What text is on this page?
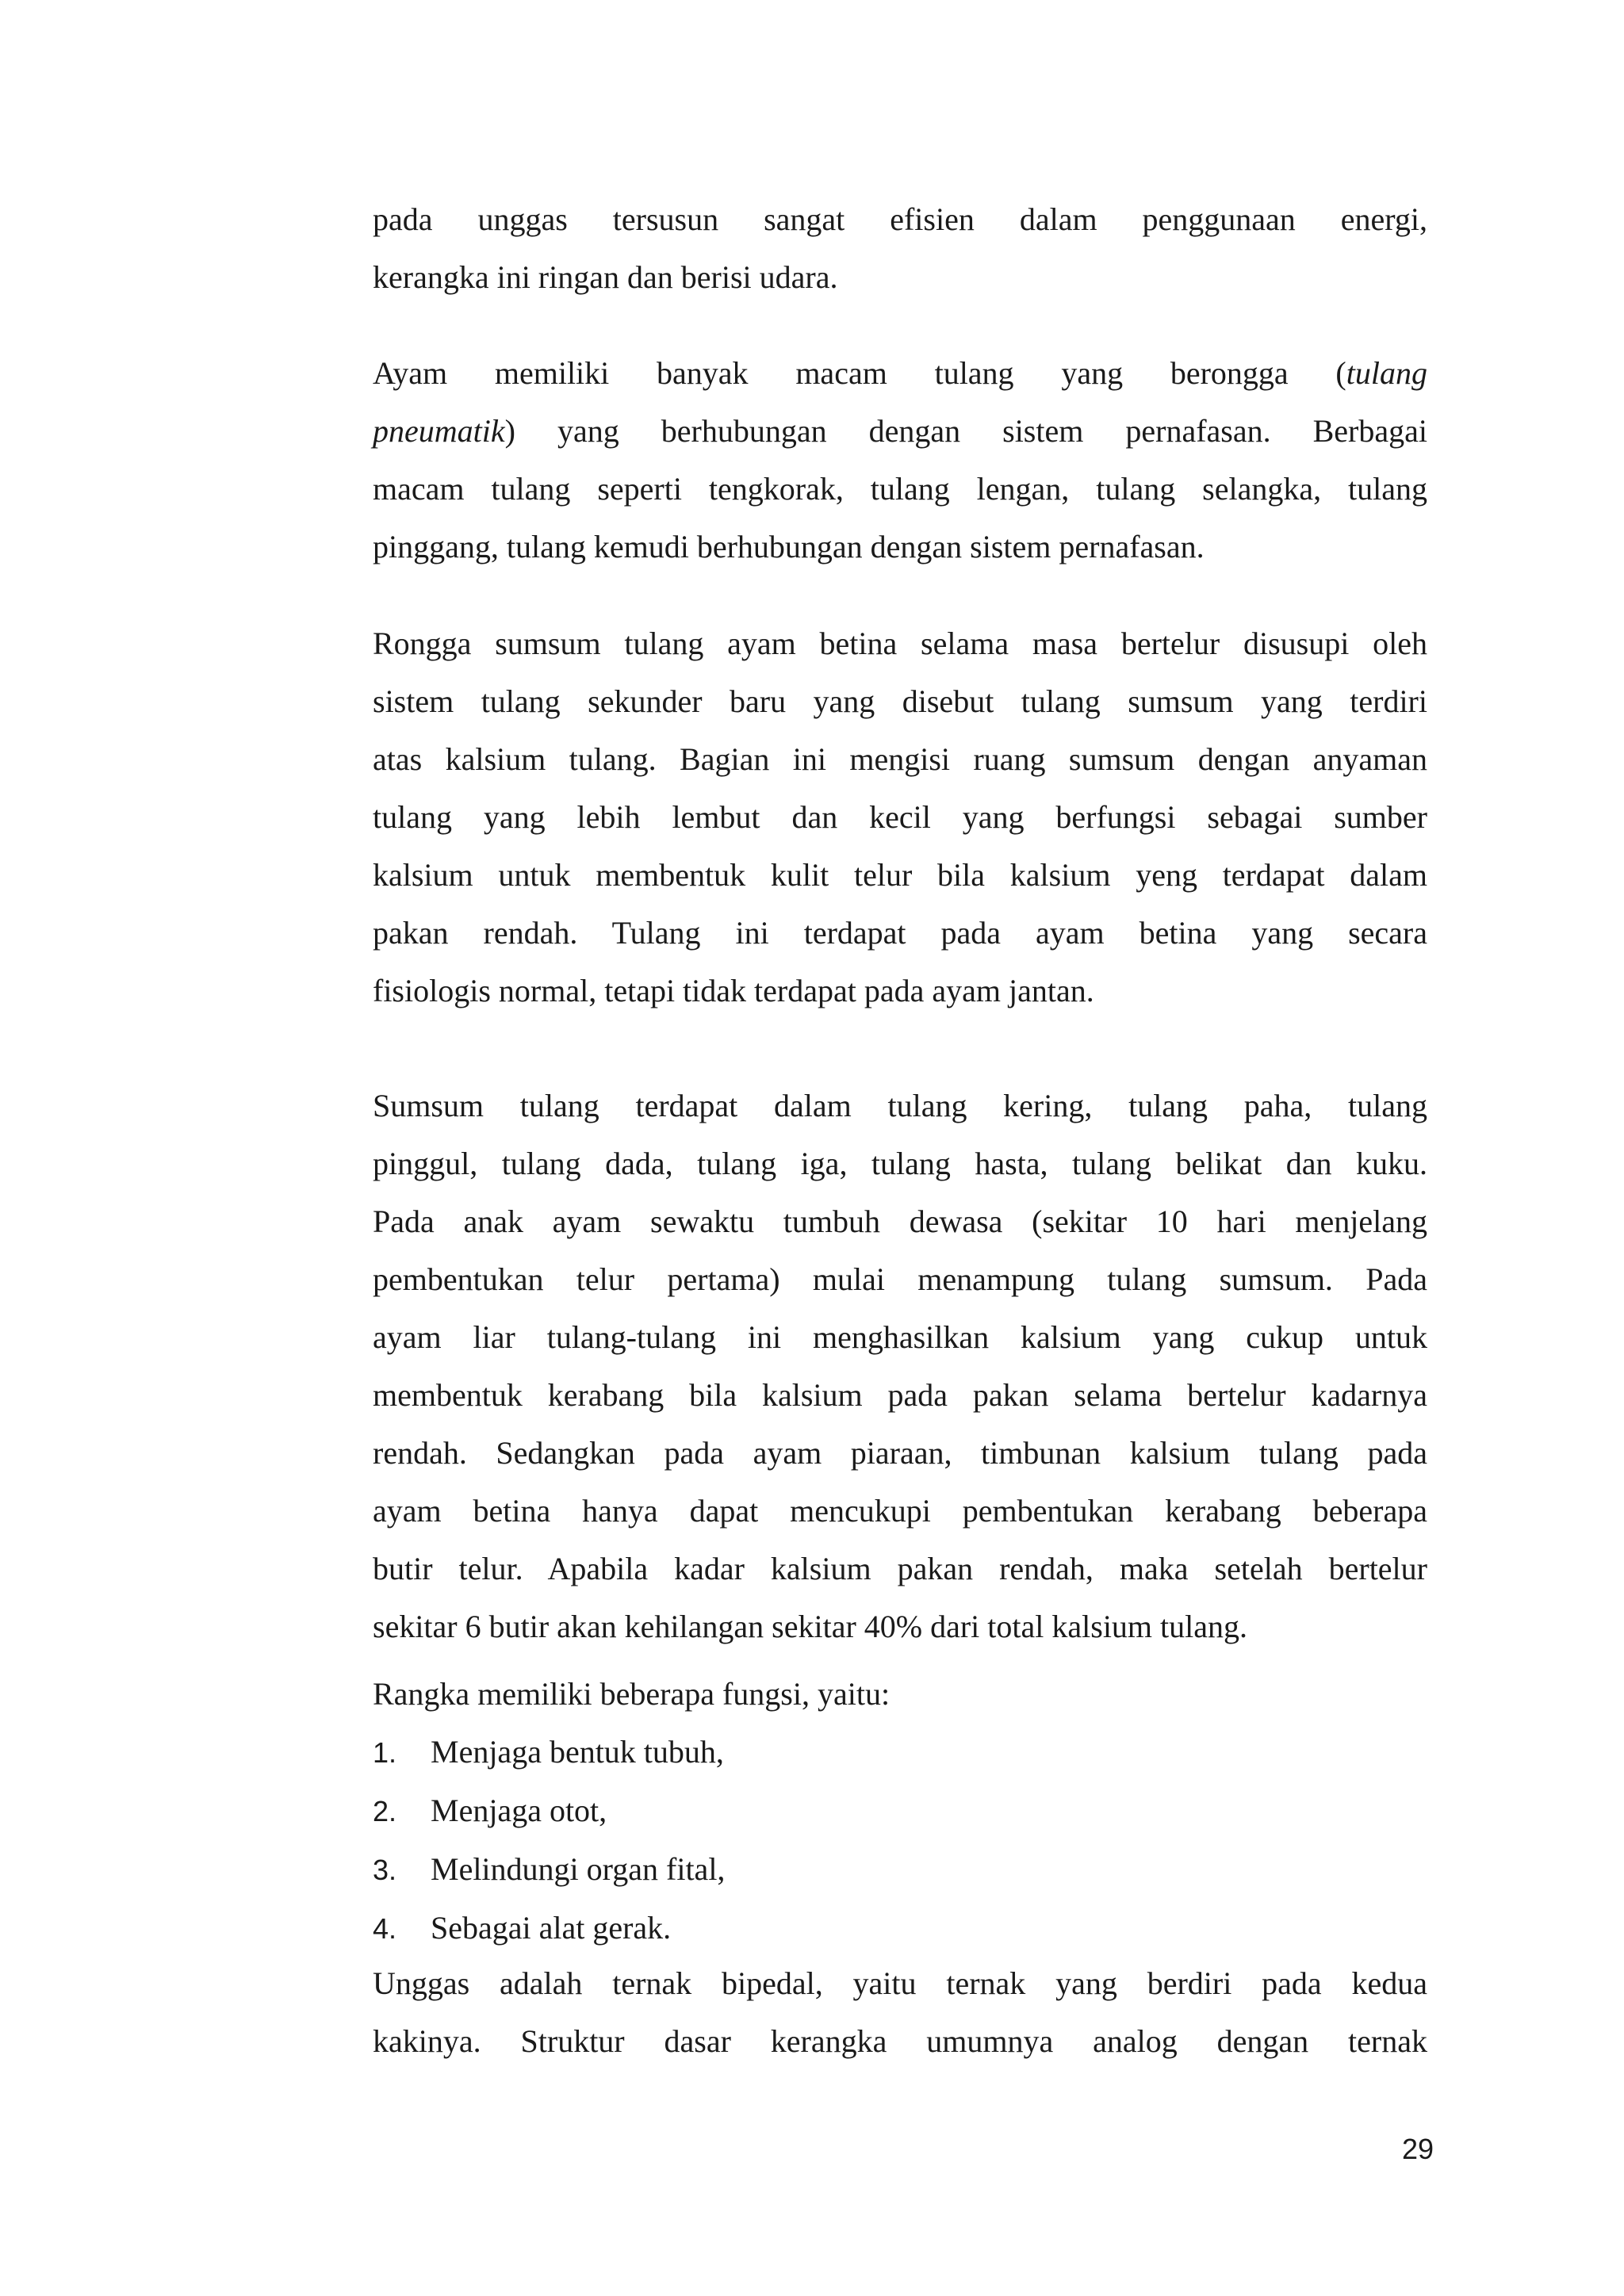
pada unggas tersusun sangat efisien dalam penggunaan energi,
kerangka ini ringan dan berisi udara.
Ayam memiliki banyak macam tulang yang berongga (tulang
pneumatik) yang berhubungan dengan sistem pernafasan. Berbagai
macam tulang seperti tengkorak, tulang lengan, tulang selangka, tulang
pinggang, tulang kemudi berhubungan dengan sistem pernafasan.
Rongga sumsum tulang ayam betina selama masa bertelur disusupi oleh
sistem tulang sekunder baru yang disebut tulang sumsum yang terdiri
atas kalsium tulang. Bagian ini mengisi ruang sumsum dengan anyaman
tulang yang lebih lembut dan kecil yang berfungsi sebagai sumber
kalsium untuk membentuk kulit telur bila kalsium yeng terdapat dalam
pakan rendah. Tulang ini terdapat pada ayam betina yang secara
fisiologis normal, tetapi tidak terdapat pada ayam jantan.
Sumsum tulang terdapat dalam tulang kering, tulang paha, tulang
pinggul, tulang dada, tulang iga, tulang hasta, tulang belikat dan kuku.
Pada anak ayam sewaktu tumbuh dewasa (sekitar 10 hari menjelang
pembentukan telur pertama) mulai menampung tulang sumsum. Pada
ayam liar tulang-tulang ini menghasilkan kalsium yang cukup untuk
membentuk kerabang bila kalsium pada pakan selama bertelur kadarnya
rendah. Sedangkan pada ayam piaraan, timbunan kalsium tulang pada
ayam betina hanya dapat mencukupi pembentukan kerabang beberapa
butir telur. Apabila kadar kalsium pakan rendah, maka setelah bertelur
sekitar 6 butir akan kehilangan sekitar 40% dari total kalsium tulang.
Rangka memiliki beberapa fungsi, yaitu:
1.	Menjaga bentuk tubuh,
2.	Menjaga otot,
3.	Melindungi organ fital,
4.	Sebagai alat gerak.
Unggas adalah ternak bipedal, yaitu ternak yang berdiri pada kedua
kakinya. Struktur dasar kerangka umumnya analog dengan ternak
29
